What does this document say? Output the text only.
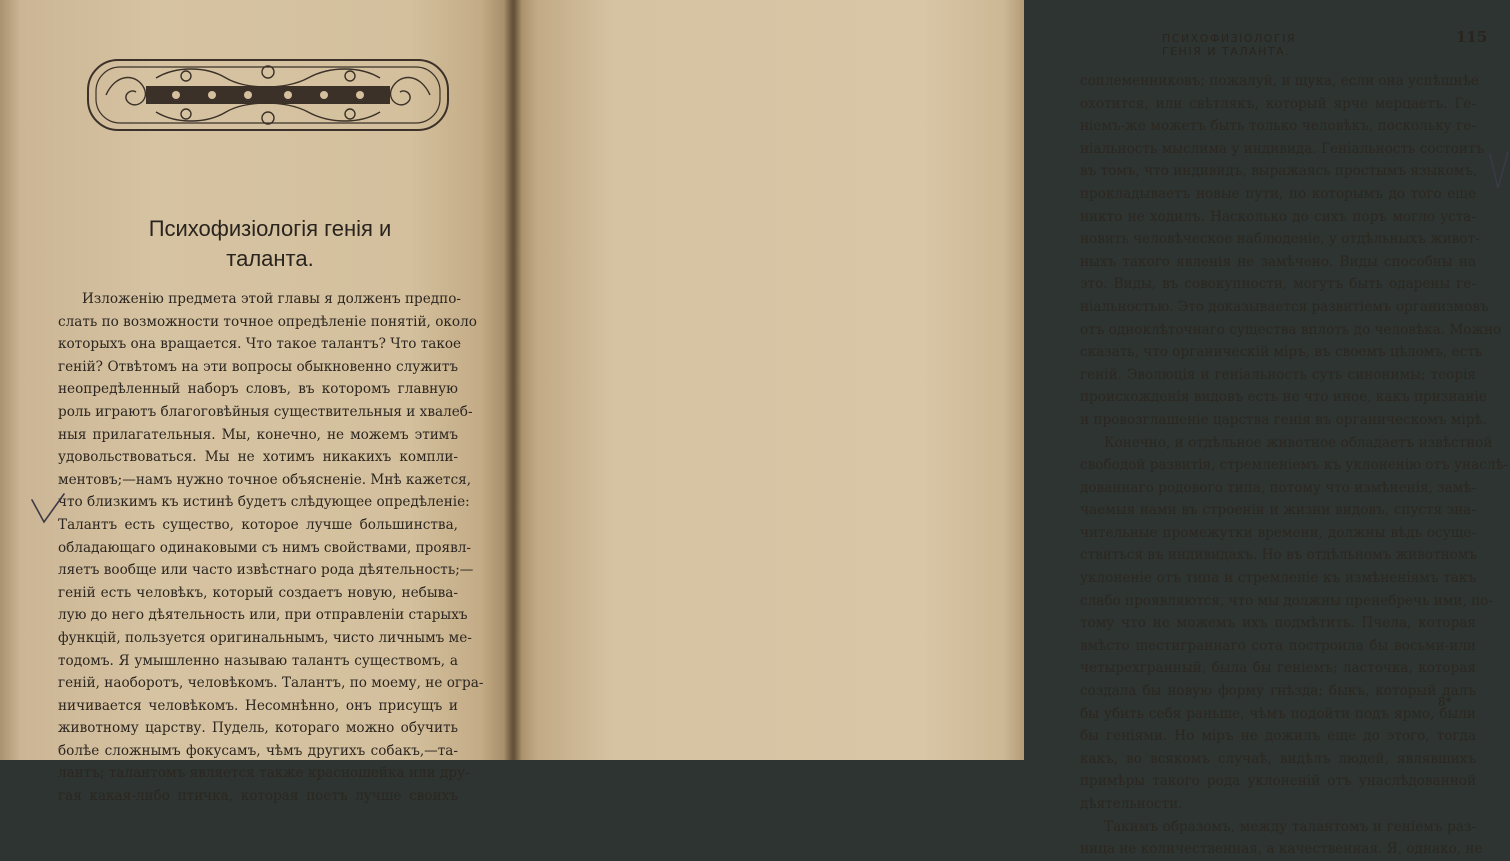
Психофизiологiя генiя и
таланта.
Изложенiю предмета этой главы я долженъ предпо-
слать по возможности точное опредѣленiе понятiй, около
которыхъ она вращается. Что такое талантъ? Что такое
генiй? Отвѣтомъ на эти вопросы обыкновенно служитъ
неопредѣленный наборъ словъ, въ которомъ главную
роль играютъ благоговѣйныя существительныя и хвалеб-
ныя прилагательныя. Мы, конечно, не можемъ этимъ
удовольствоваться. Мы не хотимъ никакихъ компли-
ментовъ;—намъ нужно точное объясненiе. Мнѣ кажется,
что близкимъ къ истинѣ будетъ слѣдующее опредѣленiе:
Талантъ есть существо, которое лучше большинства,
обладающаго одинаковыми съ нимъ свойствами, проявл-
ляетъ вообще или часто извѣстнаго рода дѣятельность;—
генiй есть человѣкъ, который создаетъ новую, небыва-
лую до него дѣятельность или, при отправленiи старыхъ
функцiй, пользуется оригинальнымъ, чисто личнымъ ме-
тодомъ. Я умышленно называю талантъ существомъ, а
генiй, наоборотъ, человѣкомъ. Талантъ, по моему, не огра-
ничивается человѣкомъ. Несомнѣнно, онъ присущъ и
животному царству. Пудель, котораго можно обучить
болѣе сложнымъ фокусамъ, чѣмъ другихъ собакъ,—та-
лантъ; талантомъ является также красношейка или дру-
гая какая-либо птичка, которая поетъ лучше своихъ
ПСИХОФИЗIОЛОГIЯ ГЕНIЯ И ТАЛАНТА.
115
соплеменниковъ; пожалуй, и щука, если она успѣшнѣе
охотится, или свѣтлякъ, который ярче мерцаетъ. Ге-
нiемъ-же можетъ быть только человѣкъ, поскольку ге-
нiальность мыслима у индивида. Генiальность состоитъ
въ томъ, что индивидъ, выражаясь простымъ языкомъ,
прокладываетъ новые пути, по которымъ до того еще
никто не ходилъ. Насколько до сихъ поръ могло уста-
новить человѣческое наблюденiе, у отдѣльныхъ живот-
ныхъ такого явленiя не замѣчено. Виды способны на
это. Виды, въ совокупности, могутъ быть одарены ге-
нiальностью. Это доказывается развитiемъ организмовъ
отъ одноклѣточнаго существа вплоть до человѣка. Можно
сказать, что органическiй мiръ, въ своемъ цѣломъ, есть
генiй. Эволюцiя и генiальность суть синонимы; теорiя
происхожденiя видовъ есть не что иное, какъ признанiе
и провозглашенiе царства генiя въ органическомъ мiрѣ.
Конечно, и отдѣльное животное обладаетъ извѣстной
свободой развитiя, стремленiемъ къ уклоненiю отъ унаслѣ-
дованнаго родового типа, потому что измѣненiя, замѣ-
чаемыя нами въ строенiи и жизни видовъ, спустя зна-
чительные промежутки времени, должны вѣдь осуще-
ствиться въ индивидахъ. Но въ отдѣльномъ животномъ
уклоненiе отъ типа и стремленiе къ измѣненiямъ такъ
слабо проявляются, что мы должны пренебречь ими, по-
тому что не можемъ ихъ подмѣтить. Пчела, которая
вмѣсто шестиграннаго сота построила бы восьми-или
четырехгранный, была бы генiемъ; ласточка, которая
создала бы новую форму гнѣзда; быкъ, который далъ
бы убить себя раньше, чѣмъ подойти подъ ярмо, были
бы генiями. Но мiръ не дожилъ еще до этого, тогда
какъ, во всякомъ случаѣ, видѣлъ людей, являвшихъ
примѣры такого рода уклоненiй отъ унаслѣдованной
дѣятельности.
Такимъ образомъ, между талантомъ и генiемъ раз-
ница не количественная, а качественная. Я, однако, не
8*
